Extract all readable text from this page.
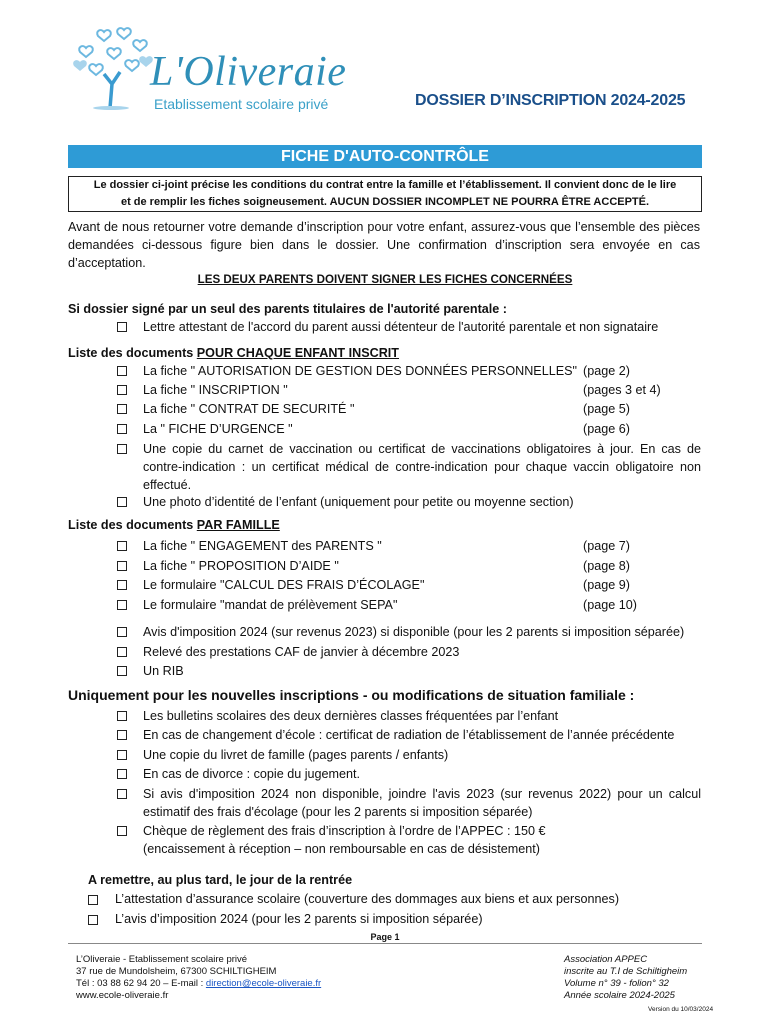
L'Oliveraie
Etablissement scolaire privé	DOSSIER D’INSCRIPTION 2024-2025
FICHE D'AUTO-CONTRÔLE
Le dossier ci-joint précise les conditions du contrat entre la famille et l’établissement. Il convient donc de le lire
et de remplir les fiches soigneusement. AUCUN DOSSIER INCOMPLET NE POURRA ÊTRE ACCEPTÉ.
Avant de nous retourner votre demande d’inscription pour votre enfant, assurez-vous que l’ensemble des pièces demandées ci-dessous figure bien dans le dossier. Une confirmation d’inscription sera envoyée en cas d’acceptation.
LES DEUX PARENTS DOIVENT SIGNER LES FICHES CONCERNÉES
Si dossier signé par un seul des parents titulaires de l'autorité parentale :
Lettre attestant de l'accord du parent aussi détenteur de l'autorité parentale et non signataire
Liste des documents POUR CHAQUE ENFANT INSCRIT
La fiche " AUTORISATION DE GESTION DES DONNÉES PERSONNELLES" (page 2)
La fiche " INSCRIPTION "	(pages 3 et 4)
La fiche " CONTRAT DE SECURITÉ "	(page 5)
La " FICHE D’URGENCE "	(page 6)
Une copie du carnet de vaccination ou certificat de vaccinations obligatoires à jour. En cas de contre-indication : un certificat médical de contre-indication pour chaque vaccin obligatoire non effectué.
Une photo d’identité de l’enfant (uniquement pour petite ou moyenne section)
Liste des documents PAR FAMILLE
La fiche " ENGAGEMENT des PARENTS "	(page 7)
La fiche " PROPOSITION D’AIDE "	(page 8)
Le formulaire "CALCUL DES FRAIS D’ÉCOLAGE"	(page 9)
Le formulaire "mandat de prélèvement SEPA"	(page 10)
Avis d'imposition 2024 (sur revenus 2023) si disponible (pour les 2 parents si imposition séparée)
Relevé des prestations CAF de janvier à décembre 2023
Un RIB
Uniquement pour les nouvelles inscriptions - ou modifications de situation familiale :
Les bulletins scolaires des deux dernières classes fréquentées par l’enfant
En cas de changement d’école : certificat de radiation de l’établissement de l’année précédente
Une copie du livret de famille (pages parents / enfants)
En cas de divorce : copie du jugement.
Si avis d'imposition 2024 non disponible, joindre l'avis 2023 (sur revenus 2022) pour un calcul estimatif des frais d'écolage (pour les 2 parents si imposition séparée)
Chèque de règlement des frais d’inscription à l’ordre de l’APPEC : 150 €
(encaissement à réception – non remboursable en cas de désistement)
A remettre, au plus tard, le jour de la rentrée
L’attestation d’assurance scolaire (couverture des dommages aux biens et aux personnes)
L’avis d’imposition 2024 (pour les 2 parents si imposition séparée)
Page 1
L’Oliveraie - Etablissement scolaire privé
37 rue de Mundolsheim, 67300 SCHILTIGHEIM
Tél : 03 88 62 94 20 – E-mail : direction@ecole-oliveraie.fr
www.ecole-oliveraie.fr
Association APPEC
inscrite au T.I de Schiltigheim
Volume n° 39 - folion° 32
Année scolaire 2024-2025
Version du 10/03/2024
